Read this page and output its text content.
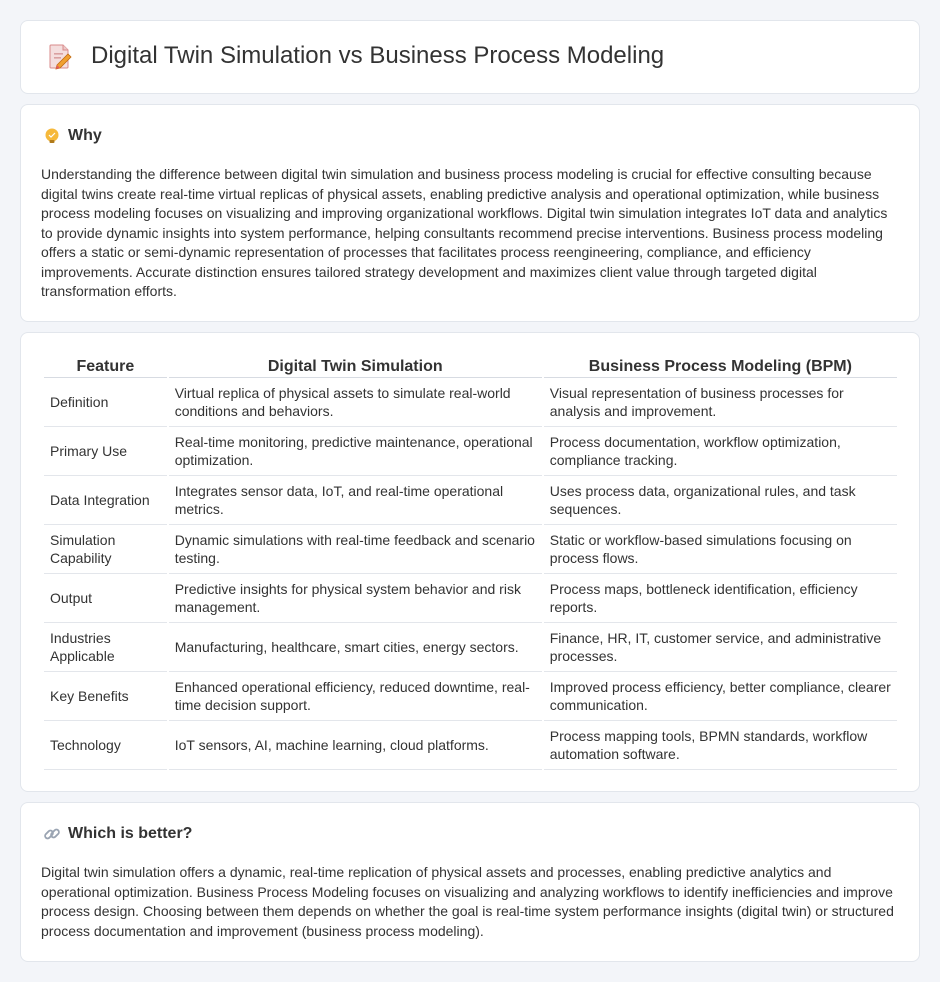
Digital Twin Simulation vs Business Process Modeling
Why

Understanding the difference between digital twin simulation and business process modeling is crucial for effective consulting because digital twins create real-time virtual replicas of physical assets, enabling predictive analysis and operational optimization, while business process modeling focuses on visualizing and improving organizational workflows. Digital twin simulation integrates IoT data and analytics to provide dynamic insights into system performance, helping consultants recommend precise interventions. Business process modeling offers a static or semi-dynamic representation of processes that facilitates process reengineering, compliance, and efficiency improvements. Accurate distinction ensures tailored strategy development and maximizes client value through targeted digital transformation efforts.

Feature	Digital Twin Simulation	Business Process Modeling (BPM)
Definition	Virtual replica of physical assets to simulate real-world conditions and behaviors.	Visual representation of business processes for analysis and improvement.
Primary Use	Real-time monitoring, predictive maintenance, operational optimization.	Process documentation, workflow optimization, compliance tracking.
Data Integration	Integrates sensor data, IoT, and real-time operational metrics.	Uses process data, organizational rules, and task sequences.
Simulation Capability	Dynamic simulations with real-time feedback and scenario testing.	Static or workflow-based simulations focusing on process flows.
Output	Predictive insights for physical system behavior and risk management.	Process maps, bottleneck identification, efficiency reports.
Industries Applicable	Manufacturing, healthcare, smart cities, energy sectors.	Finance, HR, IT, customer service, and administrative processes.
Key Benefits	Enhanced operational efficiency, reduced downtime, real-time decision support.	Improved process efficiency, better compliance, clearer communication.
Technology	IoT sensors, AI, machine learning, cloud platforms.	Process mapping tools, BPMN standards, workflow automation software.
Which is better?

Digital twin simulation offers a dynamic, real-time replication of physical assets and processes, enabling predictive analytics and operational optimization. Business Process Modeling focuses on visualizing and analyzing workflows to identify inefficiencies and improve process design. Choosing between them depends on whether the goal is real-time system performance insights (digital twin) or structured process documentation and improvement (business process modeling).
